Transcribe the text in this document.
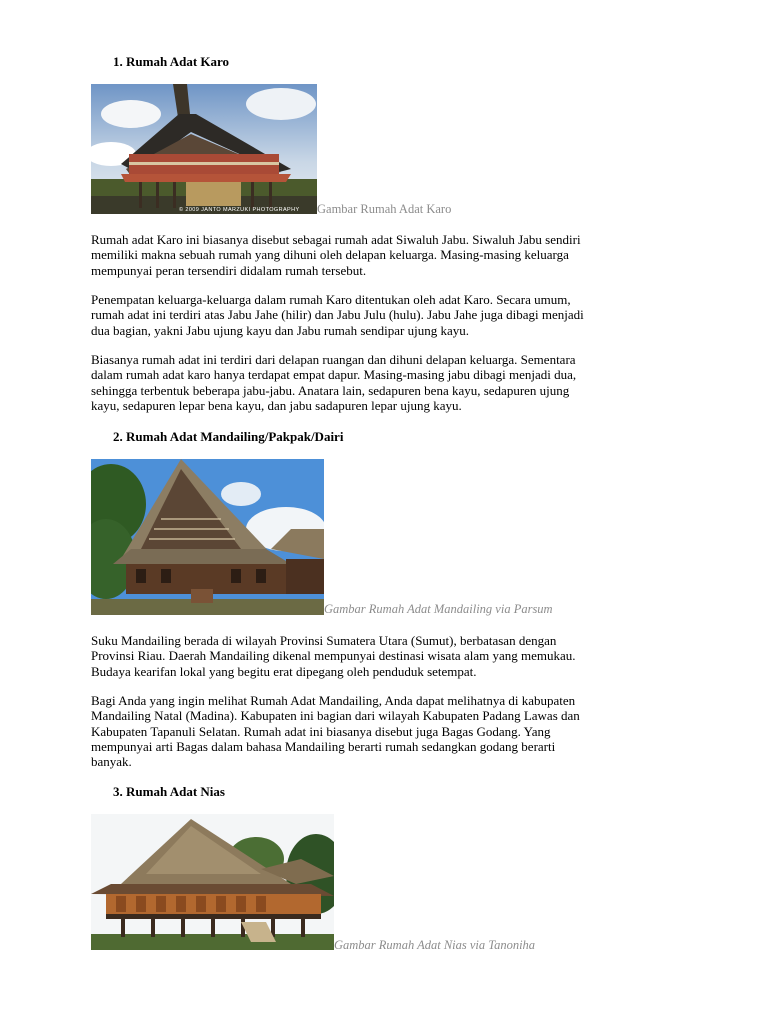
1. Rumah Adat Karo
© 2009 JANTO MARZUKI PHOTOGRAPHY Gambar Rumah Adat Karo
Rumah adat Karo ini biasanya disebut sebagai rumah adat Siwaluh Jabu. Siwaluh Jabu sendiri
memiliki makna sebuah rumah yang dihuni oleh delapan keluarga. Masing-masing keluarga
mempunyai peran tersendiri didalam rumah tersebut.
Penempatan keluarga-keluarga dalam rumah Karo ditentukan oleh adat Karo. Secara umum,
rumah adat ini terdiri atas Jabu Jahe (hilir) dan Jabu Julu (hulu). Jabu Jahe juga dibagi menjadi
dua bagian, yakni Jabu ujung kayu dan Jabu rumah sendipar ujung kayu.
Biasanya rumah adat ini terdiri dari delapan ruangan dan dihuni delapan keluarga. Sementara
dalam rumah adat karo hanya terdapat empat dapur. Masing-masing jabu dibagi menjadi dua,
sehingga terbentuk beberapa jabu-jabu. Anatara lain, sedapuren bena kayu, sedapuren ujung
kayu, sedapuren lepar bena kayu, dan jabu sadapuren lepar ujung kayu.
2. Rumah Adat Mandailing/Pakpak/Dairi
Gambar Rumah Adat Mandailing via Parsum
Suku Mandailing berada di wilayah Provinsi Sumatera Utara (Sumut), berbatasan dengan
Provinsi Riau. Daerah Mandailing dikenal mempunyai destinasi wisata alam yang memukau.
Budaya kearifan lokal yang begitu erat dipegang oleh penduduk setempat.
Bagi Anda yang ingin melihat Rumah Adat Mandailing, Anda dapat melihatnya di kabupaten
Mandailing Natal (Madina). Kabupaten ini bagian dari wilayah Kabupaten Padang Lawas dan
Kabupaten Tapanuli Selatan. Rumah adat ini biasanya disebut juga Bagas Godang. Yang
mempunyai arti Bagas dalam bahasa Mandailing berarti rumah sedangkan godang berarti
banyak.
3. Rumah Adat Nias
Gambar Rumah Adat Nias via Tanoniha
